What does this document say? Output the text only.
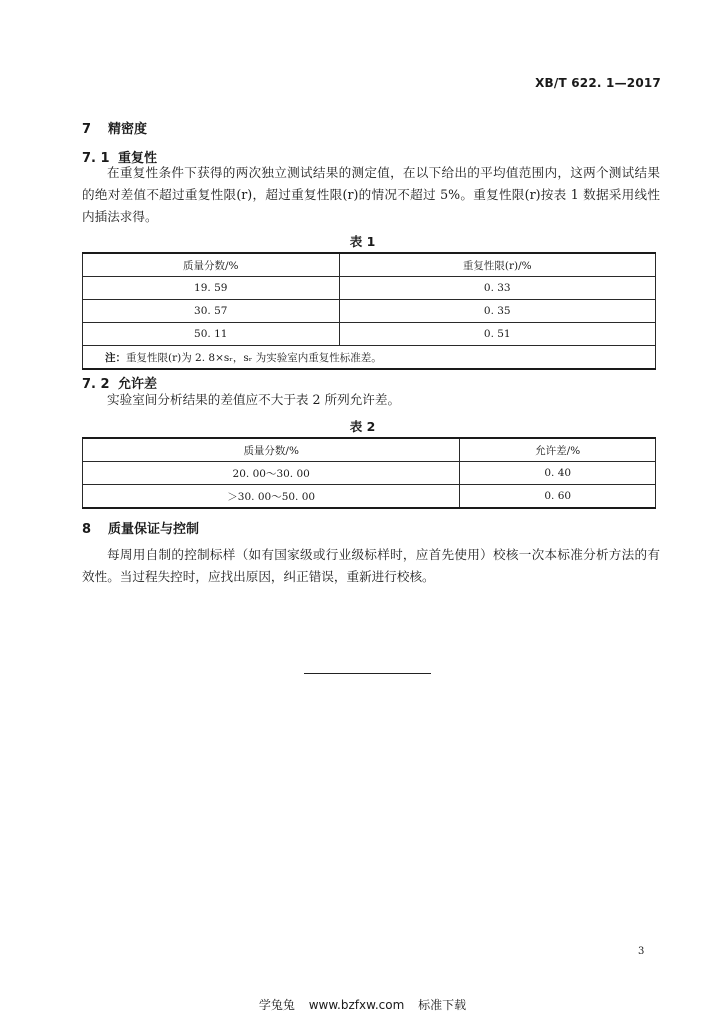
XB/T 622. 1—2017
7 精密度
7. 1 重复性
在重复性条件下获得的两次独立测试结果的测定值，在以下给出的平均值范围内，这两个测试结果的绝对差值不超过重复性限(r)，超过重复性限(r)的情况不超过 5%。重复性限(r)按表 1 数据采用线性内插法求得。
表 1
质量分数/%	重复性限(r)/%
19. 59	0. 33
30. 57	0. 35
50. 11	0. 51
注：重复性限(r)为 2. 8×sᵣ，sᵣ 为实验室内重复性标准差。	
7. 2 允许差
实验室间分析结果的差值应不大于表 2 所列允许差。
表 2
质量分数/%	允许差/%
20. 00～30. 00	0. 40
＞30. 00～50. 00	0. 60
8 质量保证与控制
每周用自制的控制标样（如有国家级或行业级标样时，应首先使用）校核一次本标准分析方法的有效性。当过程失控时，应找出原因，纠正错误，重新进行校核。
3
学兔兔 www.bzfxw.com 标准下载
